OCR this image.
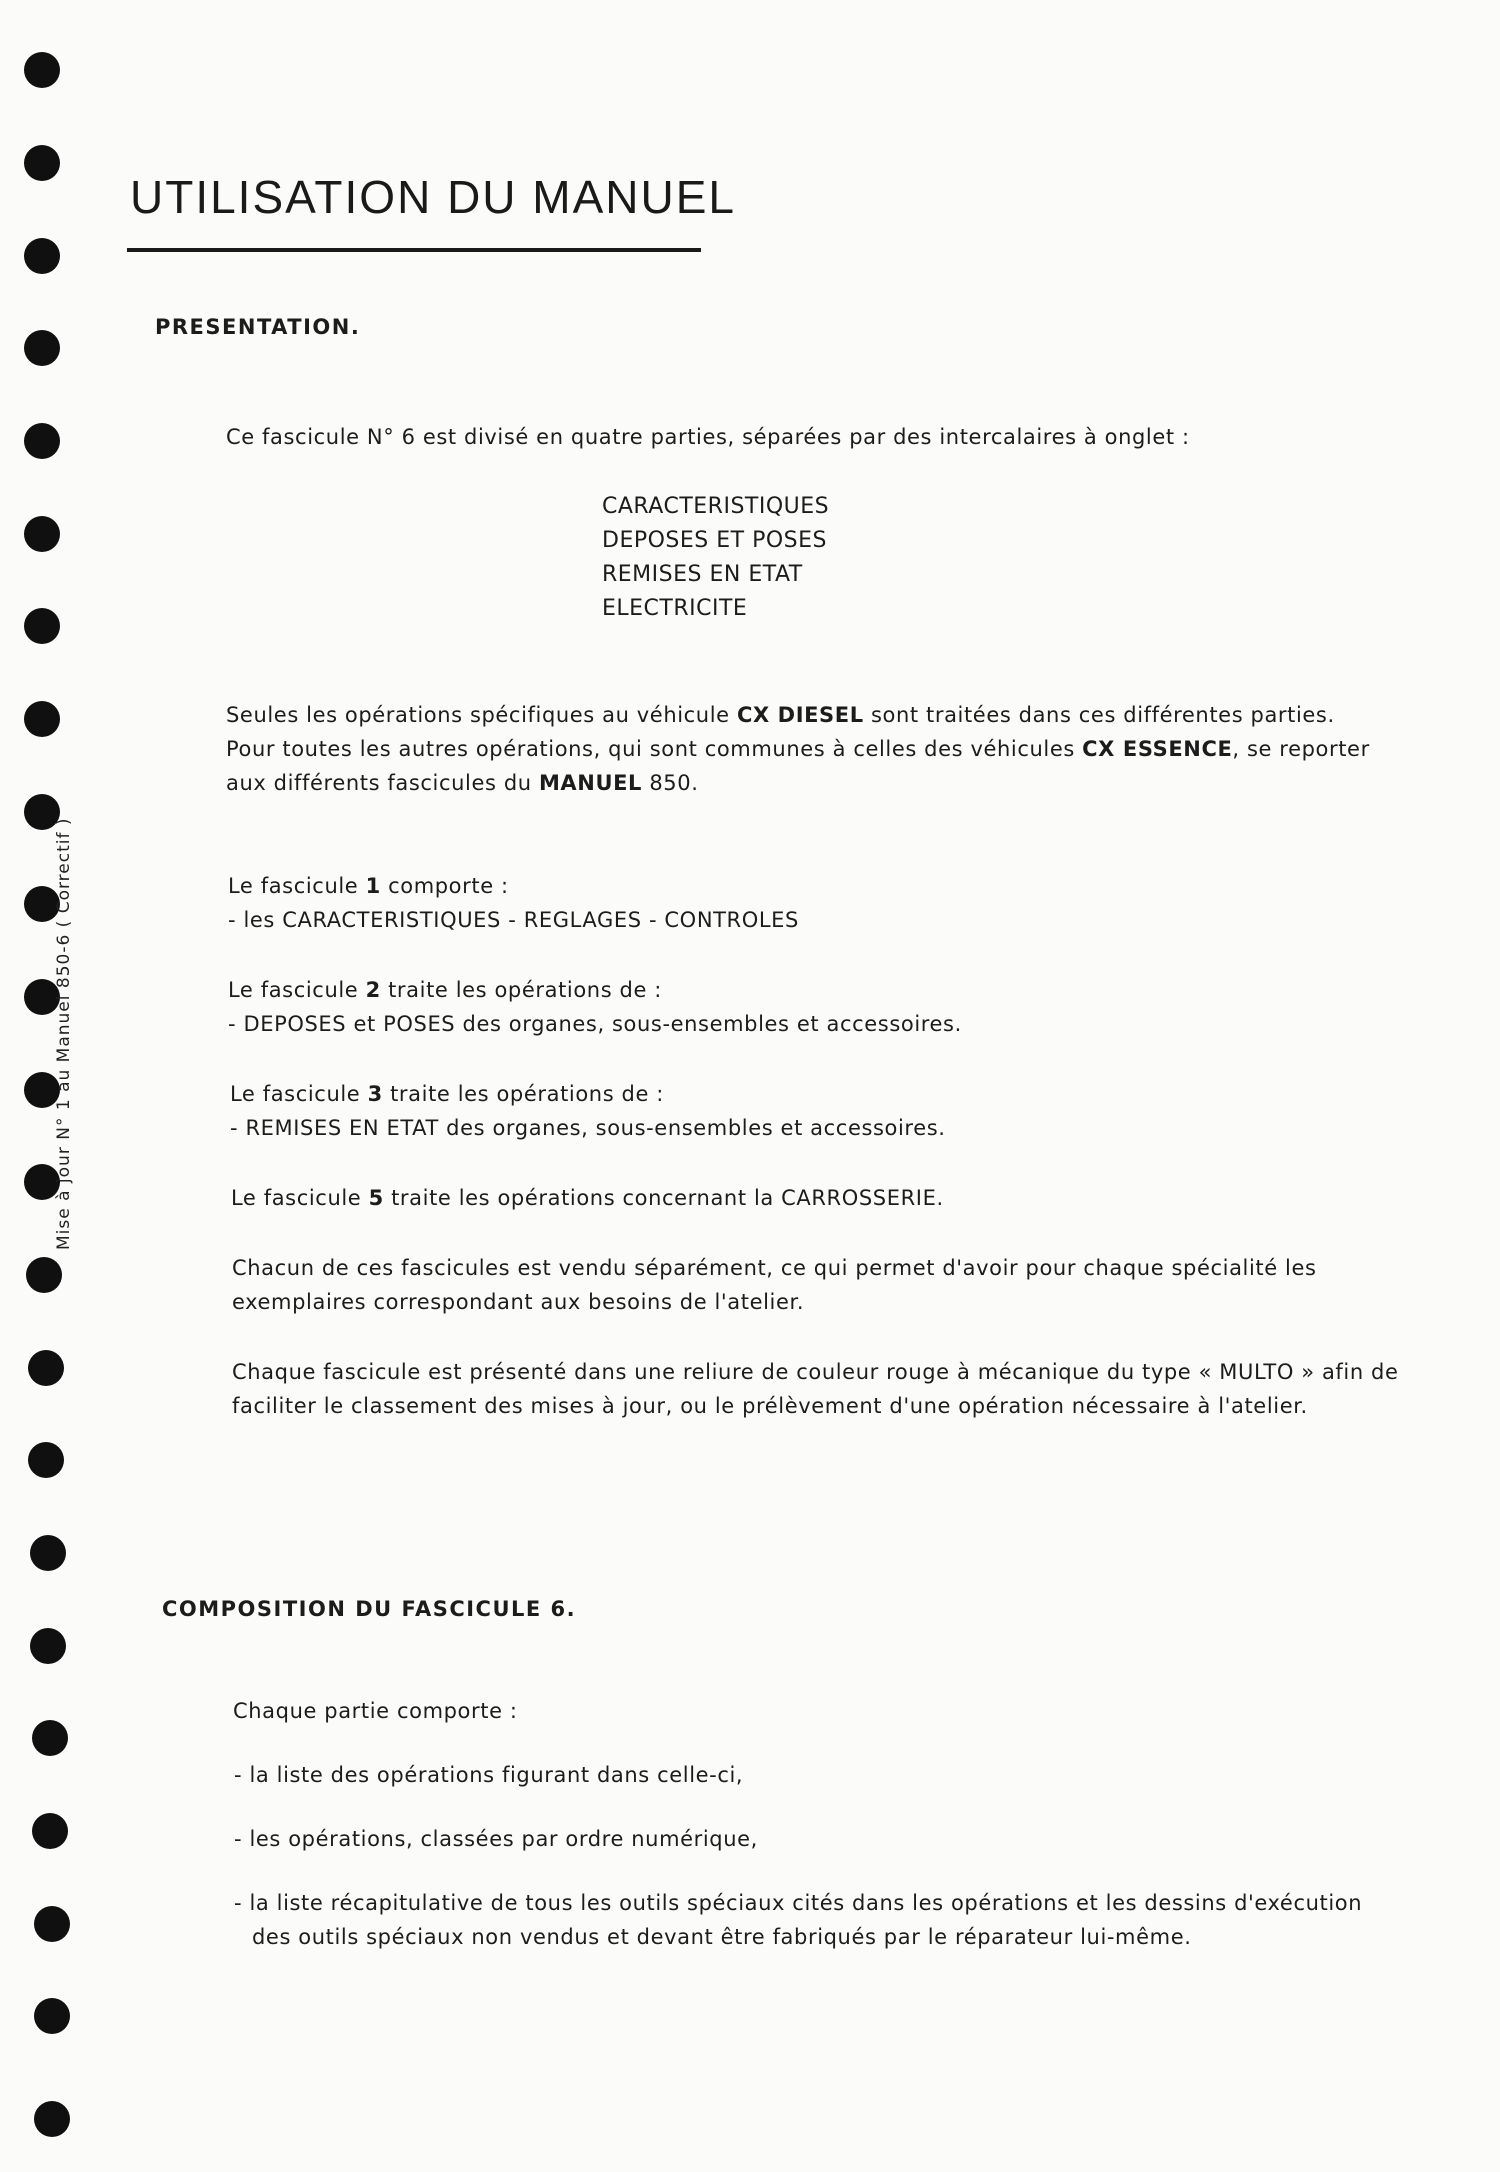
Mise à jour N° 1 au Manuel 850-6 ( Correctif )
UTILISATION DU MANUEL
PRESENTATION.

Ce fascicule N° 6 est divisé en quatre parties, séparées par des intercalaires à onglet :

CARACTERISTIQUES
DEPOSES ET POSES
REMISES EN ETAT
ELECTRICITE

Seules les opérations spécifiques au véhicule CX DIESEL sont traitées dans ces différentes parties.
Pour toutes les autres opérations, qui sont communes à celles des véhicules CX ESSENCE, se reporter
aux différents fascicules du MANUEL 850.

Le fascicule 1 comporte :
- les CARACTERISTIQUES - REGLAGES - CONTROLES

Le fascicule 2 traite les opérations de :
- DEPOSES et POSES des organes, sous-ensembles et accessoires.

Le fascicule 3 traite les opérations de :
- REMISES EN ETAT des organes, sous-ensembles et accessoires.

Le fascicule 5 traite les opérations concernant la CARROSSERIE.

Chacun de ces fascicules est vendu séparément, ce qui permet d'avoir pour chaque spécialité les
exemplaires correspondant aux besoins de l'atelier.

Chaque fascicule est présenté dans une reliure de couleur rouge à mécanique du type « MULTO » afin de
faciliter le classement des mises à jour, ou le prélèvement d'une opération nécessaire à l'atelier.

COMPOSITION DU FASCICULE 6.

Chaque partie comporte :

- la liste des opérations figurant dans celle-ci,

- les opérations, classées par ordre numérique,

- la liste récapitulative de tous les outils spéciaux cités dans les opérations et les dessins d'exécution
des outils spéciaux non vendus et devant être fabriqués par le réparateur lui-même.
